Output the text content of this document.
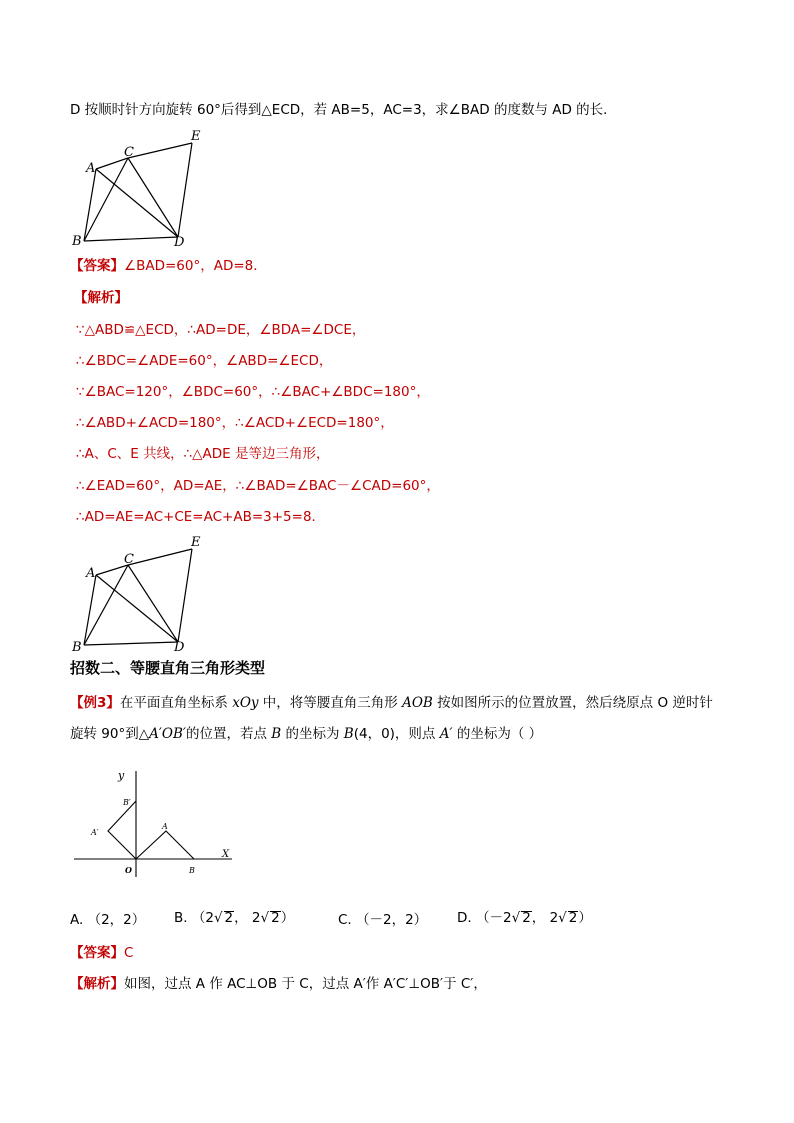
D 按顺时针方向旋转 60°后得到△ECD，若 AB=5，AC=3，求∠BAD 的度数与 AD 的长．
A
B
C
D
E
【答案】∠BAD=60°，AD=8．
【解析】
∵△ABD≌△ECD，∴AD=DE，∠BDA=∠DCE，
∴∠BDC=∠ADE=60°，∠ABD=∠ECD，
∵∠BAC=120°，∠BDC=60°，∴∠BAC+∠BDC=180°，
∴∠ABD+∠ACD=180°，∴∠ACD+∠ECD=180°，
∴A、C、E 共线，∴△ADE 是等边三角形，
∴∠EAD=60°，AD=AE，∴∠BAD=∠BAC－∠CAD=60°，
∴AD=AE=AC+CE=AC+AB=3+5=8．
A
B
C
D
E
招数二、等腰直角三角形类型
【例3】在平面直角坐标系 xOy 中，将等腰直角三角形 AOB 按如图所示的位置放置，然后绕原点 O 逆时针
旋转 90°到△A′OB′的位置，若点 B 的坐标为 B(4，0)，则点 A′ 的坐标为（ ）
y
X
O
A
B
A′
B′
A. （2，2） B. （2√ 2， 2√ 2）	C. （－2，2） D. （－2√ 2， 2√ 2）
【答案】C
【解析】如图，过点 A 作 AC⊥OB 于 C，过点 A′作 A′C′⊥OB′于 C′，
